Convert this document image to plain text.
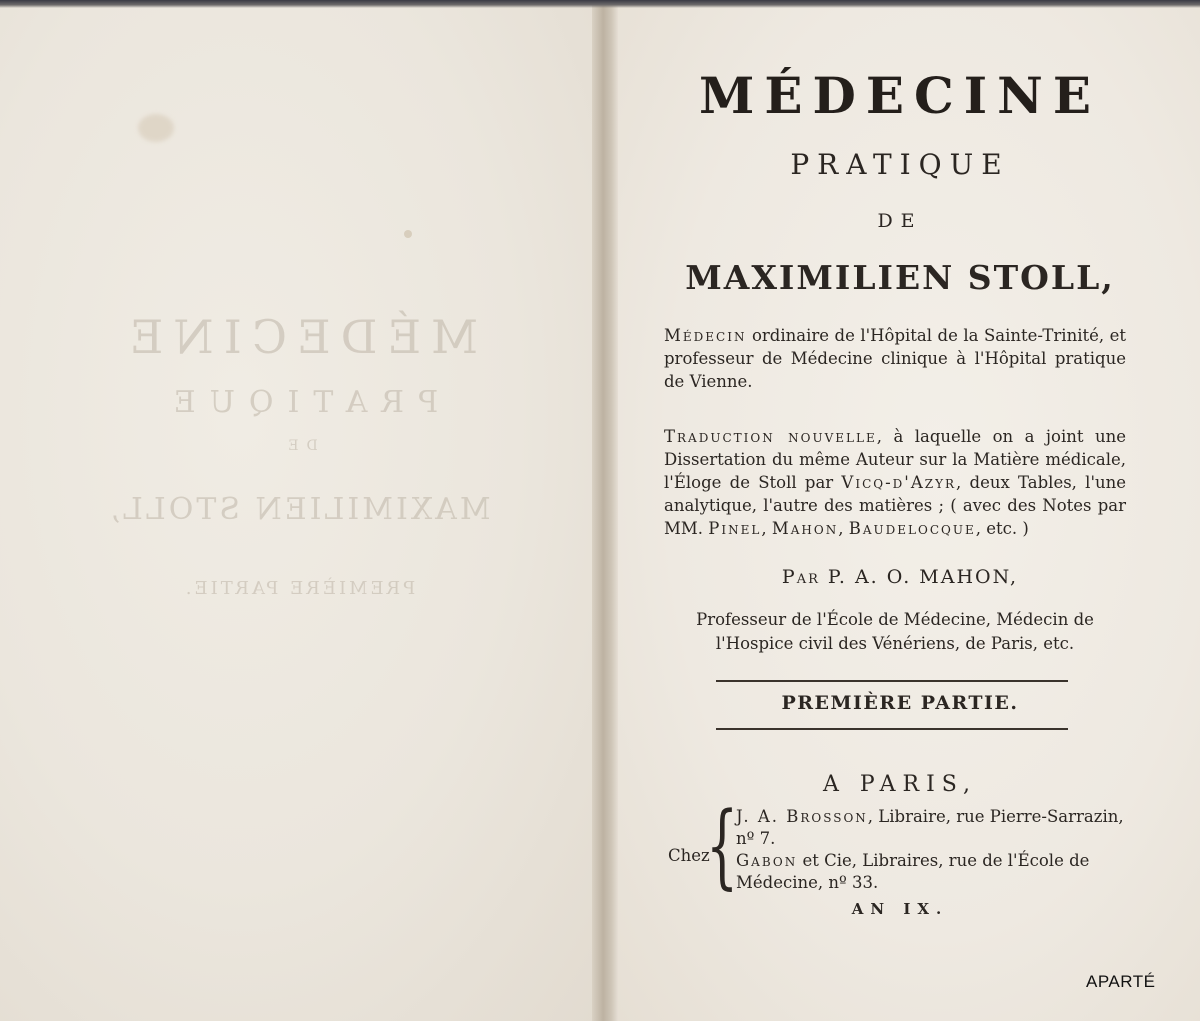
MÉDECINE
PRATIQUE
DE
MAXIMILIEN STOLL,
PREMIÈRE PARTIE.
MÉDECINE
PRATIQUE
DE
MAXIMILIEN STOLL,
Médecin ordinaire de l'Hôpital de la Sainte-Trinité, et professeur de Médecine clinique à l'Hôpital pratique de Vienne.
Traduction nouvelle, à laquelle on a joint une Dissertation du même Auteur sur la Matière médicale, l'Éloge de Stoll par Vicq-d'Azyr, deux Tables, l'une analytique, l'autre des matières ; ( avec des Notes par MM. Pinel, Mahon, Baudelocque, etc. )
Par P. A. O. MAHON,
Professeur de l'École de Médecine, Médecin de l'Hospice civil des Vénériens, de Paris, etc.
PREMIÈRE PARTIE.
A PARIS,
Chez
{
J. A. Brosson, Libraire, rue Pierre-Sarrazin, nº 7.
Gabon et Cie, Libraires, rue de l'École de Médecine, nº 33.
AN IX.
APARTÉ
